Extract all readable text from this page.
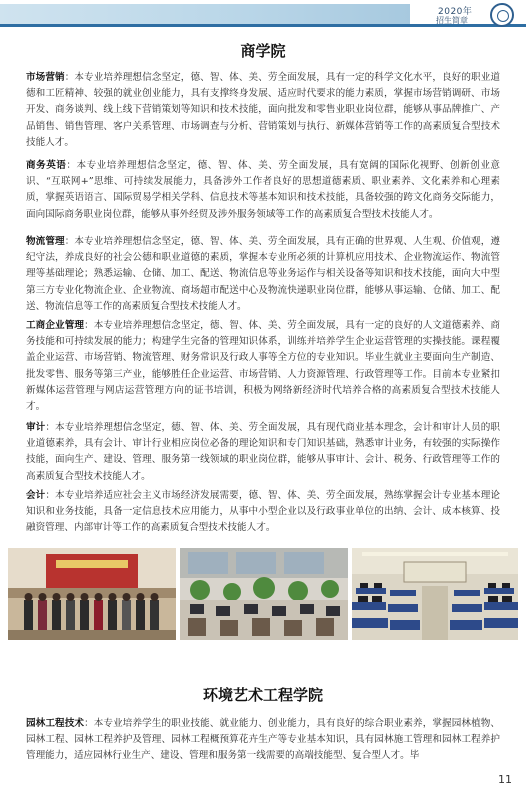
2020年
招生简章
商学院
市场营销：本专业培养理想信念坚定，德、智、体、美、劳全面发展，具有一定的科学文化水平，良好的职业道德和工匠精神、较强的就业创业能力，具有支撑终身发展、适应时代要求的能力素质，掌握市场营销调研、市场开发、商务谈判、线上线下营销策划等知识和技术技能，面向批发和零售业职业岗位群，能够从事品牌推广、产品销售、销售管理、客户关系管理、市场调查与分析、营销策划与执行、新媒体营销等工作的高素质复合型技术技能人才。
商务英语：本专业培养理想信念坚定，德、智、体、美、劳全面发展，具有宽阔的国际化视野、创新创业意识、“互联网+”思维、可持续发展能力，具备涉外工作者良好的思想道德素质、职业素养、文化素养和心理素质，掌握英语语言、国际贸易学相关学科、信息技术等基本知识和技术技能，具备较强的跨文化商务交际能力，面向国际商务职业岗位群，能够从事外经贸及涉外服务领域等工作的高素质复合型技术技能人才。
物流管理：本专业培养理想信念坚定，德、智、体、美、劳全面发展，具有正确的世界观、人生观、价值观，遵纪守法，养成良好的社会公德和职业道德的素质，掌握本专业所必须的计算机应用技术、企业物流运作、物流管理等基础理论；熟悉运输、仓储、加工、配送、物流信息等业务运作与相关设备等知识和技术技能，面向大中型第三方专业化物流企业、企业物流、商场超市配送中心及物流快递职业岗位群，能够从事运输、仓储、加工、配送、物流信息等工作的高素质复合型技术技能人才。
工商企业管理：本专业培养理想信念坚定，德、智、体、美、劳全面发展，具有一定的良好的人文道德素养、商务技能和可持续发展的能力；构建学生完备的管理知识体系，训练并培养学生企业运营管理的实操技能。课程覆盖企业运营、市场营销、物流管理、财务常识及行政人事等全方位的专业知识。毕业生就业主要面向生产制造、批发零售、服务等第三产业，能够胜任企业运营、市场营销、人力资源管理、行政管理等工作。目前本专业紧扣新媒体运营管理与网店运营管理方向的证书培训，积极为网络新经济时代培养合格的高素质复合型技术技能人才。
审计：本专业培养理想信念坚定，德、智、体、美、劳全面发展，具有现代商业基本理念，会计和审计人员的职业道德素养，具有会计、审计行业相应岗位必备的理论知识和专门知识基础，熟悉审计业务，有较强的实际操作技能，面向生产、建设、管理、服务第一线领域的职业岗位群，能够从事审计、会计、税务、行政管理等工作的高素质复合型技术技能人才。
会计：本专业培养适应社会主义市场经济发展需要，德、智、体、美、劳全面发展，熟练掌握会计专业基本理论知识和业务技能，具备一定信息技术应用能力，从事中小型企业以及行政事业单位的出纳、会计、成本核算、投融资管理、内部审计等工作的高素质复合型技术技能人才。
环境艺术工程学院
园林工程技术：本专业培养学生的职业技能、就业能力、创业能力，具有良好的综合职业素养，掌握园林植物、园林工程、园林工程养护及管理、园林工程概预算花卉生产等专业基本知识，具有园林施工管理和园林工程养护管理能力，适应园林行业生产、建设、管理和服务第一线需要的高端技能型、复合型人才。毕
11
